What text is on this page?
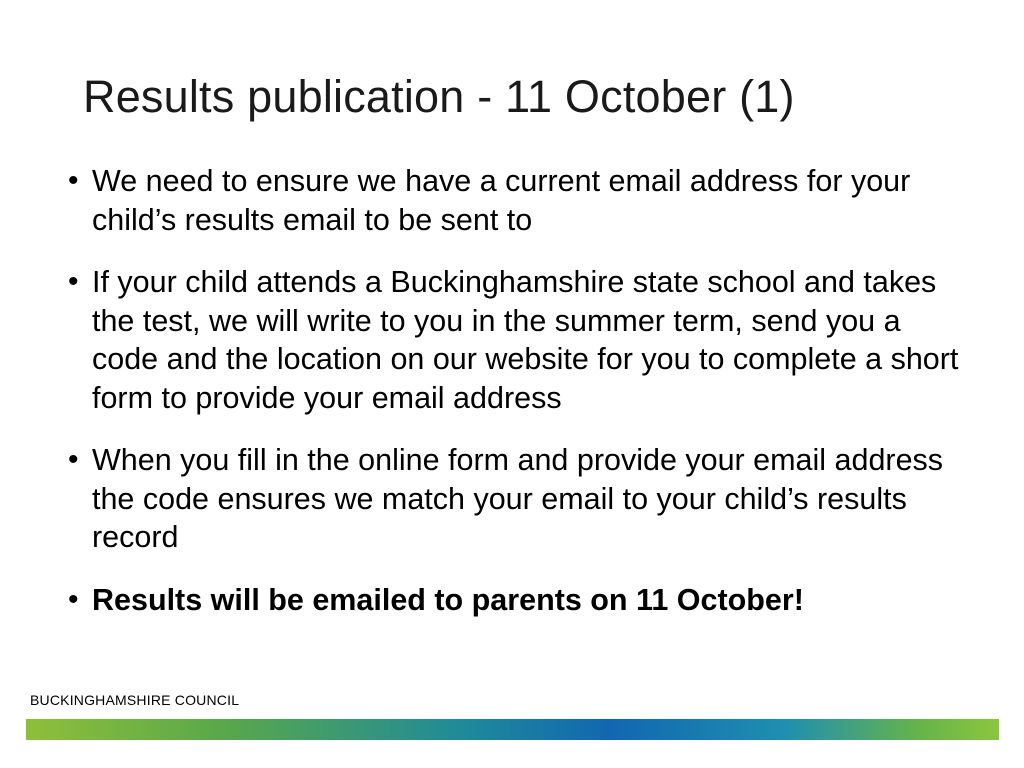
Results publication - 11 October (1)
• We need to ensure we have a current email address for your child’s results email to be sent to
• If your child attends a Buckinghamshire state school and takes the test, we will write to you in the summer term, send you a code and the location on our website for you to complete a short form to provide your email address
• When you fill in the online form and provide your email address the code ensures we match your email to your child’s results record
• Results will be emailed to parents on 11 October!
BUCKINGHAMSHIRE COUNCIL
